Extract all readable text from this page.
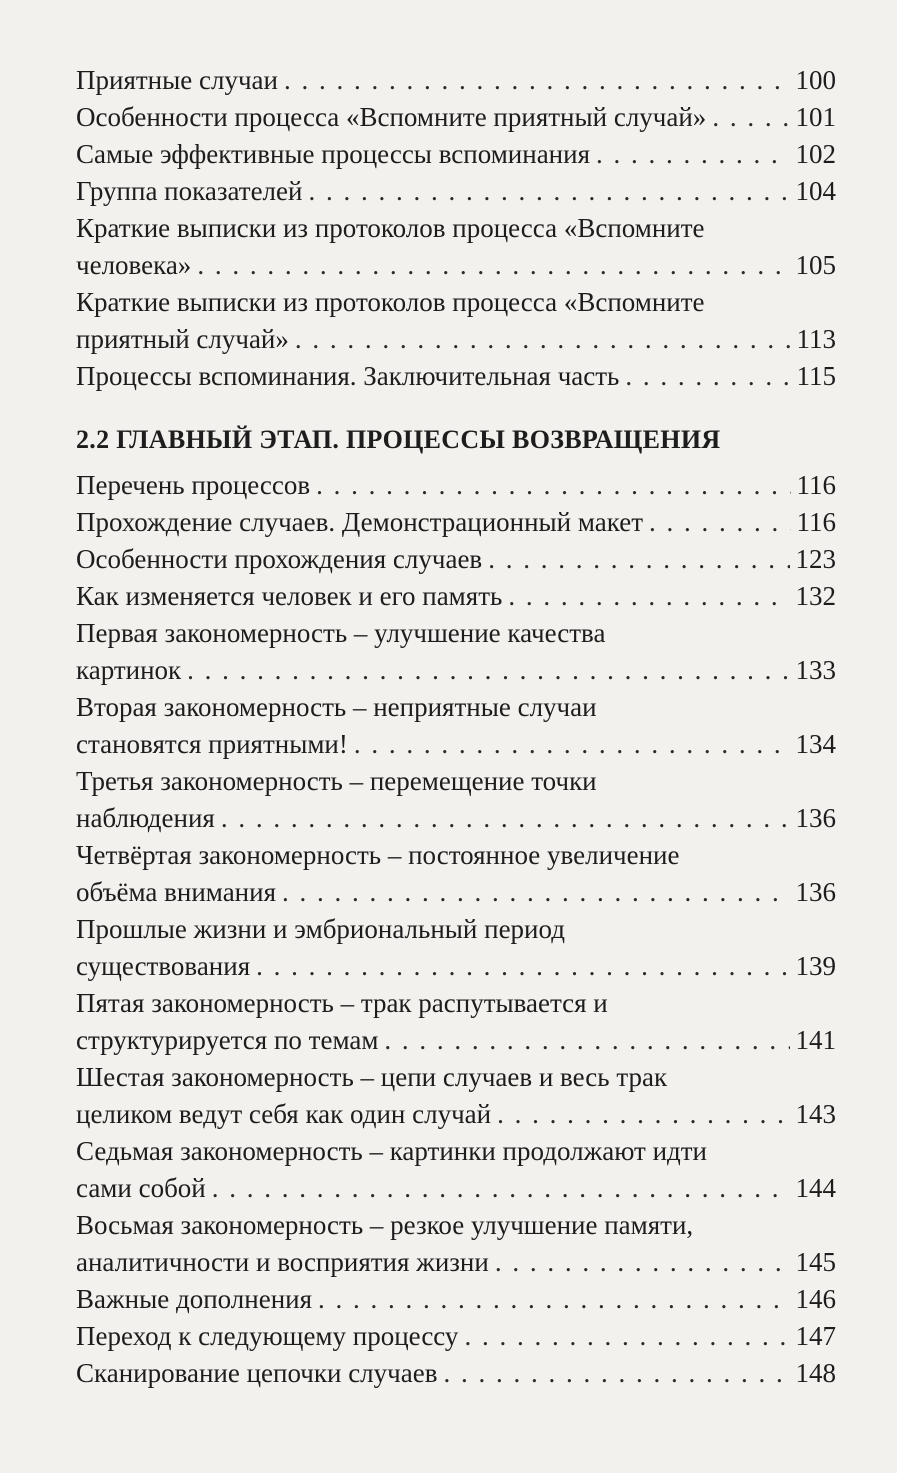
Приятные случаи . . .	100
Особенности процесса «Вспомните приятный случай» . . .	101
Самые эффективные процессы вспоминания . . .	102
Группа показателей . . .	104
Краткие выписки из протоколов процесса «Вспомните
человека» . . .	105
Краткие выписки из протоколов процесса «Вспомните
приятный случай» . . .	113
Процессы вспоминания. Заключительная часть . . .	115
2.2 ГЛАВНЫЙ ЭТАП. ПРОЦЕССЫ ВОЗВРАЩЕНИЯ
Перечень процессов . . .	116
Прохождение случаев. Демонстрационный макет . . .	116
Особенности прохождения случаев . . .	123
Как изменяется человек и его память . . .	132
Первая закономерность – улучшение качества
картинок . . .	133
Вторая закономерность – неприятные случаи
становятся приятными! . . .	134
Третья закономерность – перемещение точки
наблюдения . . .	136
Четвёртая закономерность – постоянное увеличение
объёма внимания . . .	136
Прошлые жизни и эмбриональный период
существования . . .	139
Пятая закономерность – трак распутывается и
структурируется по темам . . .	141
Шестая закономерность – цепи случаев и весь трак
целиком ведут себя как один случай . . .	143
Седьмая закономерность – картинки продолжают идти
сами собой . . .	144
Восьмая закономерность – резкое улучшение памяти,
аналитичности и восприятия жизни . . .	145
Важные дополнения . . .	146
Переход к следующему процессу . . .	147
Сканирование цепочки случаев . . .	148
